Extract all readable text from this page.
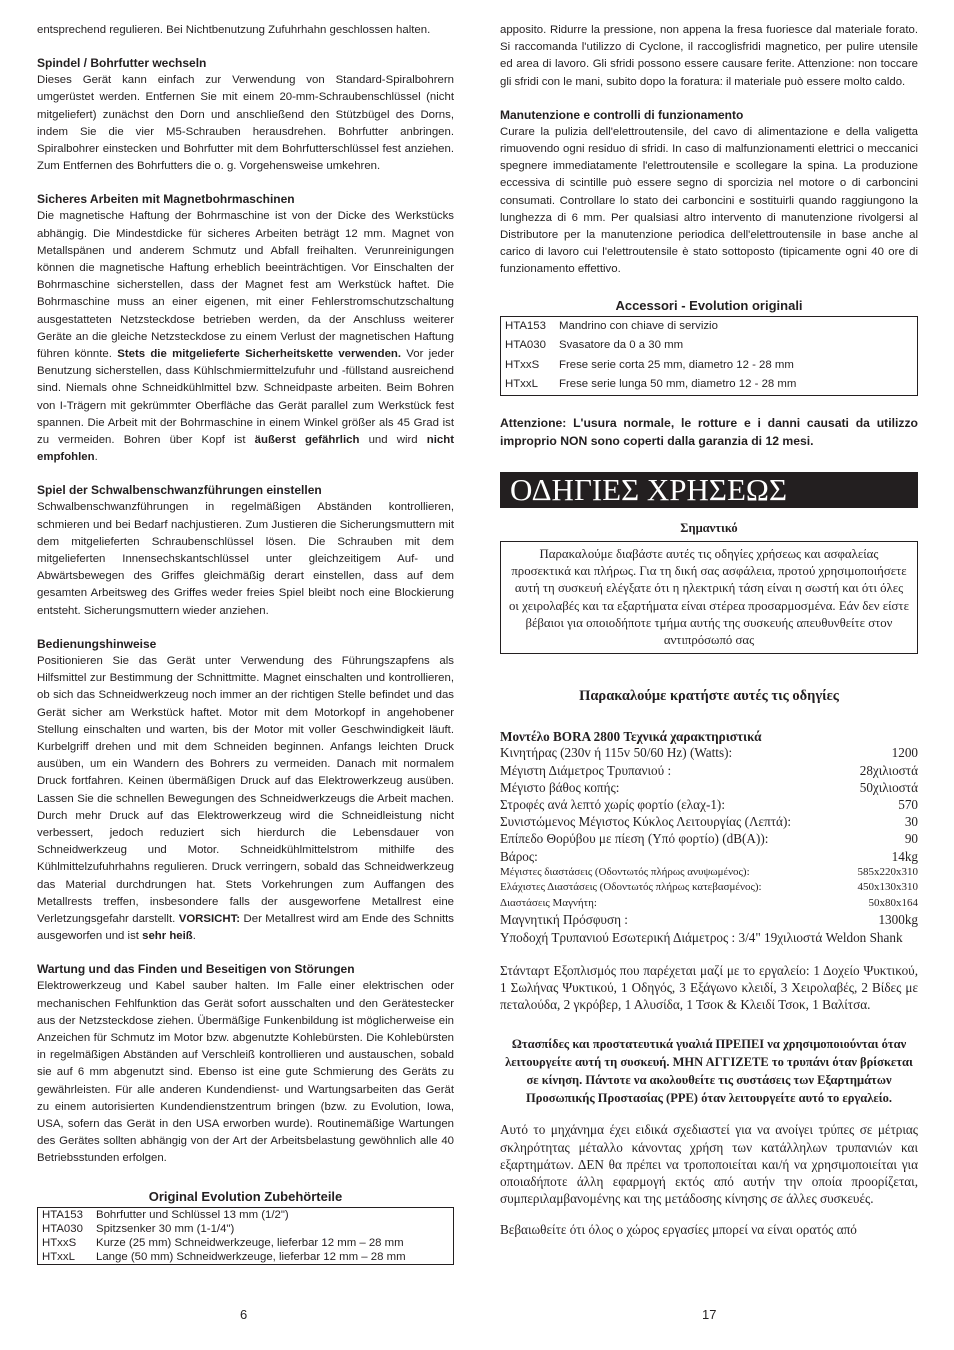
entsprechend regulieren. Bei Nichtbenutzung Zufuhrhahn geschlossen halten.

Spindel / Bohrfutter wechseln

Dieses Gerät kann einfach zur Verwendung von Standard-Spiralbohrern umgerüstet werden. Entfernen Sie mit einem 20-mm-Schraubenschlüssel (nicht mitgeliefert) zunächst den Dorn und anschließend den Stützbügel des Dorns, indem Sie die vier M5-Schrauben herausdrehen. Bohrfutter anbringen. Spiralbohrer einstecken und Bohrfutter mit dem Bohrfutterschlüssel fest anziehen. Zum Entfernen des Bohrfutters die o. g. Vorgehensweise umkehren.

Sicheres Arbeiten mit Magnetbohrmaschinen

Die magnetische Haftung der Bohrmaschine ist von der Dicke des Werkstücks abhängig. Die Mindestdicke für sicheres Arbeiten beträgt 12 mm. Magnet von Metallspänen und anderem Schmutz und Abfall freihalten. Verunreinigungen können die magnetische Haftung erheblich beeinträchtigen. Vor Einschalten der Bohrmaschine sicherstellen, dass der Magnet fest am Werkstück haftet. Die Bohrmaschine muss an einer eigenen, mit einer Fehlerstromschutzschaltung ausgestatteten Netzsteckdose betrieben werden, da der Anschluss weiterer Geräte an die gleiche Netzsteckdose zu einem Verlust der magnetischen Haftung führen könnte. Stets die mitgelieferte Sicherheitskette verwenden. Vor jeder Benutzung sicherstellen, dass Kühlschmiermittelzufuhr und -füllstand ausreichend sind. Niemals ohne Schneidkühlmittel bzw. Schneidpaste arbeiten. Beim Bohren von I-Trägern mit gekrümmter Oberfläche das Gerät parallel zum Werkstück fest spannen. Die Arbeit mit der Bohrmaschine in einem Winkel größer als 45 Grad ist zu vermeiden. Bohren über Kopf ist äußerst gefährlich und wird nicht empfohlen.

Spiel der Schwalbenschwanzführungen einstellen

Schwalbenschwanzführungen in regelmäßigen Abständen kontrollieren, schmieren und bei Bedarf nachjustieren. Zum Justieren die Sicherungsmuttern mit dem mitgelieferten Schraubenschlüssel lösen. Die Schrauben mit dem mitgelieferten Innensechskantschlüssel unter gleichzeitigem Auf- und Abwärtsbewegen des Griffes gleichmäßig derart einstellen, dass auf dem gesamten Arbeitsweg des Griffes weder freies Spiel bleibt noch eine Blockierung entsteht. Sicherungsmuttern wieder anziehen.

Bedienungshinweise

Positionieren Sie das Gerät unter Verwendung des Führungszapfens als Hilfsmittel zur Bestimmung der Schnittmitte. Magnet einschalten und kontrollieren, ob sich das Schneidwerkzeug noch immer an der richtigen Stelle befindet und das Gerät sicher am Werkstück haftet. Motor mit dem Motorkopf in angehobener Stellung einschalten und warten, bis der Motor mit voller Geschwindigkeit läuft. Kurbelgriff drehen und mit dem Schneiden beginnen. Anfangs leichten Druck ausüben, um ein Wandern des Bohrers zu vermeiden. Danach mit normalem Druck fortfahren. Keinen übermäßigen Druck auf das Elektrowerkzeug ausüben. Lassen Sie die schnellen Bewegungen des Schneidwerkzeugs die Arbeit machen. Durch mehr Druck auf das Elektrowerkzeug wird die Schneidleistung nicht verbessert, jedoch reduziert sich hierdurch die Lebensdauer von Schneidwerkzeug und Motor. Schneidkühlmittelstrom mithilfe des Kühlmittelzufuhrhahns regulieren. Druck verringern, sobald das Schneidwerkzeug das Material durchdrungen hat. Stets Vorkehrungen zum Auffangen des Metallrests treffen, insbesondere falls der ausgeworfene Metallrest eine Verletzungsgefahr darstellt. VORSICHT: Der Metallrest wird am Ende des Schnitts ausgeworfen und ist sehr heiß.

Wartung und das Finden und Beseitigen von Störungen

Elektrowerkzeug und Kabel sauber halten. Im Falle einer elektrischen oder mechanischen Fehlfunktion das Gerät sofort ausschalten und den Gerätestecker aus der Netzsteckdose ziehen. Übermäßige Funkenbildung ist möglicherweise ein Anzeichen für Schmutz im Motor bzw. abgenutzte Kohlebürsten. Die Kohlebürsten in regelmäßigen Abständen auf Verschleiß kontrollieren und austauschen, sobald sie auf 6 mm abgenutzt sind. Ebenso ist eine gute Schmierung des Geräts zu gewährleisten. Für alle anderen Kundendienst- und Wartungsarbeiten das Gerät zu einem autorisierten Kundendienstzentrum bringen (bzw. zu Evolution, Iowa, USA, sofern das Gerät in den USA erworben wurde). Routinemäßige Wartungen des Gerätes sollten abhängig von der Art der Arbeitsbelastung gewöhnlich alle 40 Betriebsstunden erfolgen.

Original Evolution Zubehörteile
HTA153	Bohrfutter und Schlüssel 13 mm (1/2")
HTA030	Spitzsenker 30 mm (1-1/4")
HTxxS	Kurze (25 mm) Schneidwerkzeuge, lieferbar 12 mm – 28 mm
HTxxL	Lange (50 mm) Schneidwerkzeuge, lieferbar 12 mm – 28 mm

apposito. Ridurre la pressione, non appena la fresa fuoriesce dal materiale forato. Si raccomanda l'utilizzo di Cyclone, il raccoglisfridi magnetico, per pulire utensile ed area di lavoro. Gli sfridi possono essere causare ferite. Attenzione: non toccare gli sfridi con le mani, subito dopo la foratura: il materiale può essere molto caldo.

Manutenzione e controlli di funzionamento

Curare la pulizia dell'elettroutensile, del cavo di alimentazione e della valigetta rimuovendo ogni residuo di sfridi. In caso di malfunzionamenti elettrici o meccanici spegnere immediatamente l'elettroutensile e scollegare la spina. La produzione eccessiva di scintille può essere segno di sporcizia nel motore o di carboncini consumati. Controllare lo stato dei carboncini e sostituirli quando raggiungono la lunghezza di 6 mm. Per qualsiasi altro intervento di manutenzione rivolgersi al Distributore per la manutenzione periodica dell'elettroutensile in base anche al carico di lavoro cui l'elettroutensile è stato sottoposto (tipicamente ogni 40 ore di funzionamento effettivo.

Accessori - Evolution originali
HTA153	Mandrino con chiave di servizio
HTA030	Svasatore da 0 a 30 mm
HTxxS	Frese serie corta 25 mm, diametro 12 - 28 mm
HTxxL	Frese serie lunga 50 mm, diametro 12 - 28 mm

Attenzione: L'usura normale, le rotture e i danni causati da utilizzo improprio NON sono coperti dalla garanzia di 12 mesi.

ΟΔΗΓΙΕΣ ΧΡΗΣΕΩΣ
Σημαντικό
Παρακαλούμε διαβάστε αυτές τις οδηγίες χρήσεως και ασφαλείας προσεκτικά και πλήρως. Για τη δική σας ασφάλεια, προτού χρησιμοποιήσετε αυτή τη συσκευή ελέγξατε ότι η ηλεκτρική τάση είναι η σωστή και ότι όλες οι χειρολαβές και τα εξαρτήματα είναι στέρεα προσαρμοσμένα. Εάν δεν είστε βέβαιοι για οποιοδήποτε τμήμα αυτής της συσκευής απευθυνθείτε στον αντιπρόσωπό σας
Παρακαλούμε κρατήστε αυτές τις οδηγίες
Μοντέλο BORA 2800 Τεχνικά χαρακτηριστικά
Κινητήρας (230v ή 115v 50/60 Hz) (Watts):	1200
Μέγιστη Διάμετρος Τρυπανιού :	28χιλιοστά
Μέγιστο βάθος κοπής:	50χιλιοστά
Στροφές ανά λεπτό χωρίς φορτίο (ελαχ-1):	570
Συνιστώμενος Μέγιστος Κύκλος Λειτουργίας (Λεπτά):	30
Επίπεδο Θορύβου με πίεση (Υπό φορτίο) (dB(A)):	90
Βάρος:	14kg
Μέγιστες διαστάσεις (Οδοντωτός πλήρως ανυψωμένος):	585x220x310
Ελάχιστες Διαστάσεις (Οδοντωτός πλήρως κατεβασμένος):	450x130x310
Διαστάσεις Μαγνήτη:	50x80x164
Μαγνητική Πρόσφυση :	1300kg
Υποδοχή Τρυπανιού Εσωτερική Διάμετρος : 3/4" 19χιλιοστά Weldon Shank

Στάνταρτ Εξοπλισμός που παρέχεται μαζί με το εργαλείο: 1 Δοχείο Ψυκτικού, 1 Σωλήνας Ψυκτικού, 1 Οδηγός, 3 Εξάγωνο κλειδί, 3 Χειρολαβές, 2 Βίδες με πεταλούδα, 2 γκρόβερ, 1 Αλυσίδα, 1 Τσοκ & Κλειδί Τσοκ, 1 Βαλίτσα.

Ωτασπίδες και προστατευτικά γυαλιά ΠΡΕΠΕΙ να χρησιμοποιούνται όταν λειτουργείτε αυτή τη συσκευή. ΜΗΝ ΑΓΓΙΖΕΤΕ το τρυπάνι όταν βρίσκεται σε κίνηση. Πάντοτε να ακολουθείτε τις συστάσεις των Εξαρτημάτων Προσωπικής Προστασίας (PPE) όταν λειτουργείτε αυτό το εργαλείο.

Αυτό το μηχάνημα έχει ειδικά σχεδιαστεί για να ανοίγει τρύπες σε μέτριας σκληρότητας μέταλλο κάνοντας χρήση των κατάλληλων τρυπανιών και εξαρτημάτων. ΔΕΝ θα πρέπει να τροποποιείται και/ή να χρησιμοποιείται για οποιαδήποτε άλλη εφαρμογή εκτός από αυτήν την οποία προορίζεται, συμπεριλαμβανομένης και της μετάδοσης κίνησης σε άλλες συσκευές.

Βεβαιωθείτε ότι όλος ο χώρος εργασίες μπορεί να είναι ορατός από

6	17
